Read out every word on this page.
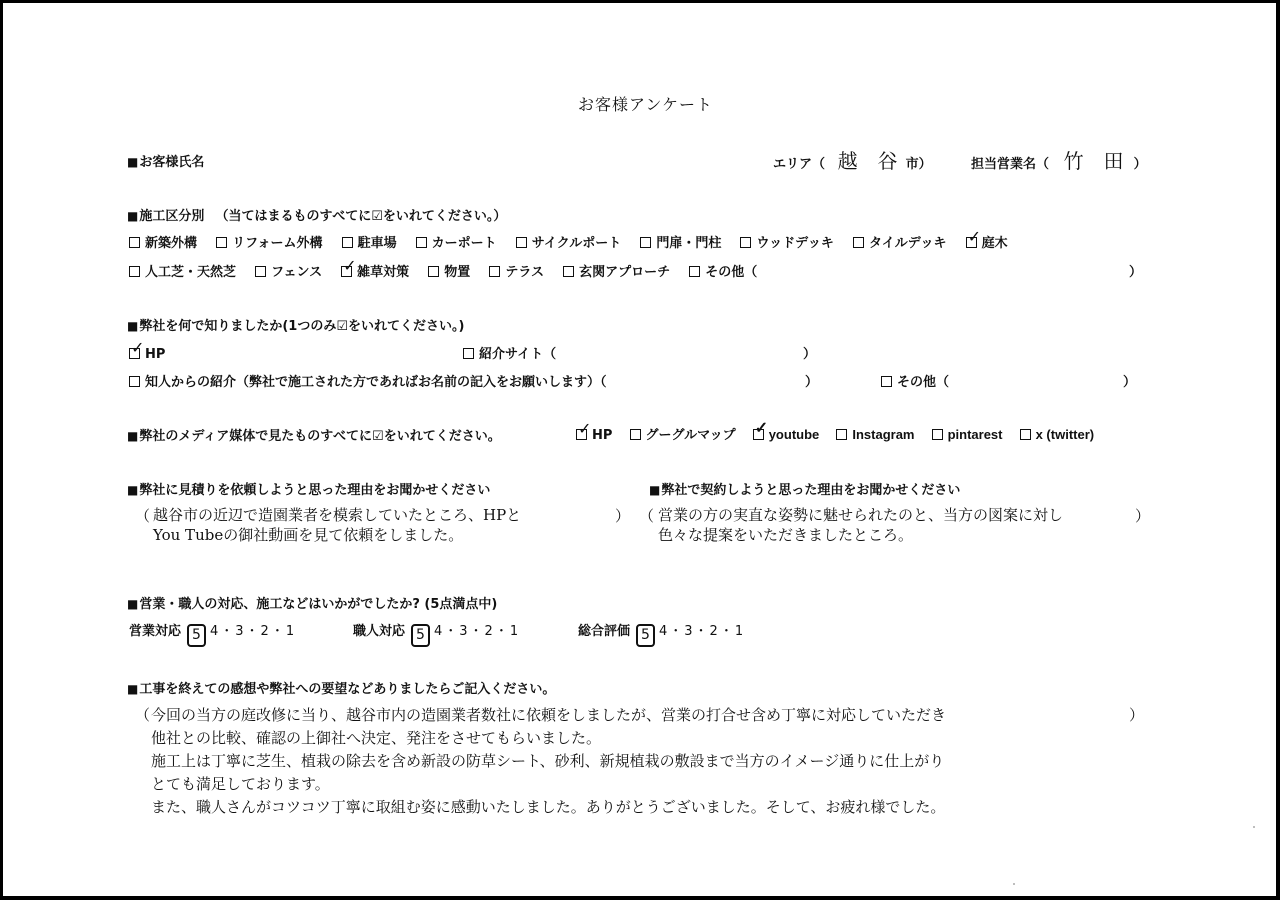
お客様アンケート
■ お客様氏名	エリア（ 越　谷 市）	担当営業名（ 竹　田 ）
■ 施工区分別 （当てはまるものすべてに☑をいれてください。）
新築外構	リフォーム外構	駐車場	カーポート	サイクルポート	門扉・門柱	ウッドデッキ	タイルデッキ ✓	庭木
人工芝・天然芝	フェンス ✓	雑草対策	物置	テラス	玄関アプローチ	その他（	）
■ 弊社を何で知りましたか(1つのみ☑をいれてください。)
✓HP	紹介サイト（	）
知人からの紹介（弊社で施工された方であればお名前の記入をお願いします）（	）	その他（	）
■ 弊社のメディア媒体で見たものすべてに☑をいれてください。 ✓	HP	グーグルマップ ✓	youtube	Instagram	pintarest	x (twitter)
■ 弊社に見積りを依頼しようと思った理由をお聞かせください
（ 越谷市の近辺で造園業者を模索していたところ、HPと
You Tubeの御社動画を見て依頼をしました。
）
■ 弊社で契約しようと思った理由をお聞かせください
（ 営業の方の実直な姿勢に魅せられたのと、当方の図案に対し
色々な提案をいただきましたところ。
）
■ 営業・職人の対応、施工などはいかがでしたか? (5点満点中)
営業対応 5 4・3・2・1	職人対応 5 4・3・2・1	総合評価 5 4・3・2・1
■ 工事を終えての感想や弊社への要望などありましたらご記入ください。
（ 今回の当方の庭改修に当り、越谷市内の造園業者数社に依頼をしましたが、営業の打合せ含め丁寧に対応していただき
他社との比較、確認の上御社へ決定、発注をさせてもらいました。
施工上は丁寧に芝生、植栽の除去を含め新設の防草シート、砂利、新規植栽の敷設まで当方のイメージ通りに仕上がり
とても満足しております。
また、職人さんがコツコツ丁寧に取組む姿に感動いたしました。ありがとうございました。そして、お疲れ様でした。
）
